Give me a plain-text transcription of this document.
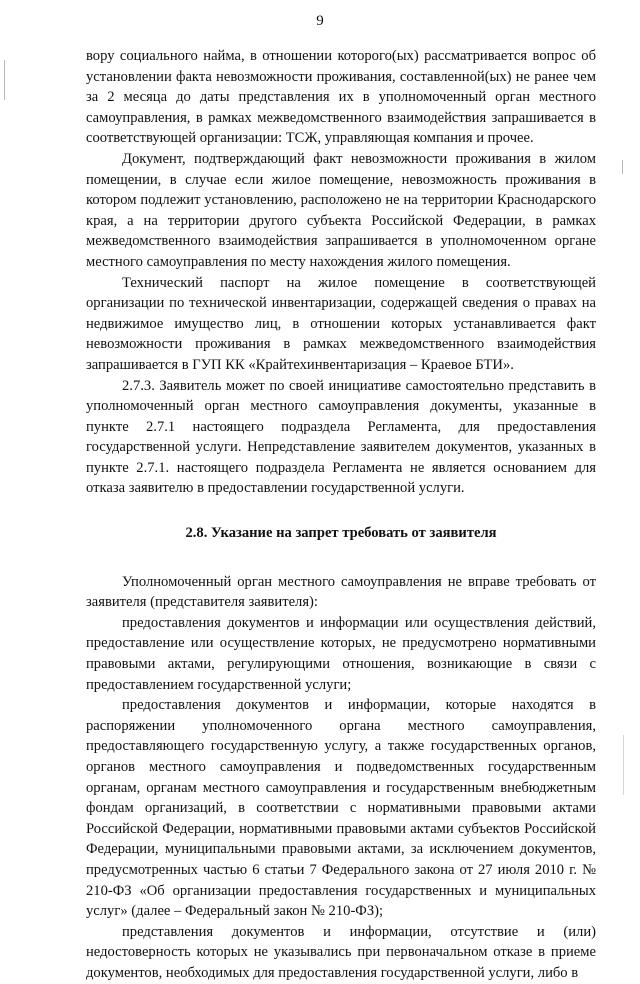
9

вору социального найма, в отношении которого(ых) рассматривается вопрос об установлении факта невозможности проживания, составленной(ых) не ранее чем за 2 месяца до даты представления их в уполномоченный орган местного самоуправления, в рамках межведомственного взаимодействия запрашивается в соответствующей организации: ТСЖ, управляющая компания и прочее.

Документ, подтверждающий факт невозможности проживания в жилом помещении, в случае если жилое помещение, невозможность проживания в котором подлежит установлению, расположено не на территории Краснодарского края, а на территории другого субъекта Российской Федерации, в рамках межведомственного взаимодействия запрашивается в уполномоченном органе местного самоуправления по месту нахождения жилого помещения.

Технический паспорт на жилое помещение в соответствующей организации по технической инвентаризации, содержащей сведения о правах на недвижимое имущество лиц, в отношении которых устанавливается факт невозможности проживания в рамках межведомственного взаимодействия запрашивается в ГУП КК «Крайтехинвентаризация – Краевое БТИ».

2.7.3. Заявитель может по своей инициативе самостоятельно представить в уполномоченный орган местного самоуправления документы, указанные в пункте 2.7.1 настоящего подраздела Регламента, для предоставления государственной услуги. Непредставление заявителем документов, указанных в пункте 2.7.1. настоящего подраздела Регламента не является основанием для отказа заявителю в предоставлении государственной услуги.

2.8. Указание на запрет требовать от заявителя

Уполномоченный орган местного самоуправления не вправе требовать от заявителя (представителя заявителя):

предоставления документов и информации или осуществления действий, предоставление или осуществление которых, не предусмотрено нормативными правовыми актами, регулирующими отношения, возникающие в связи с предоставлением государственной услуги;

предоставления документов и информации, которые находятся в распоряжении уполномоченного органа местного самоуправления, предоставляющего государственную услугу, а также государственных органов, органов местного самоуправления и подведомственных государственным органам, органам местного самоуправления и государственным внебюджетным фондам организаций, в соответствии с нормативными правовыми актами Российской Федерации, нормативными правовыми актами субъектов Российской Федерации, муниципальными правовыми актами, за исключением документов, предусмотренных частью 6 статьи 7 Федерального закона от 27 июля 2010 г. № 210-ФЗ «Об организации предоставления государственных и муниципальных услуг» (далее – Федеральный закон № 210-ФЗ);

представления документов и информации, отсутствие и (или) недостоверность которых не указывались при первоначальном отказе в приеме документов, необходимых для предоставления государственной услуги, либо в
